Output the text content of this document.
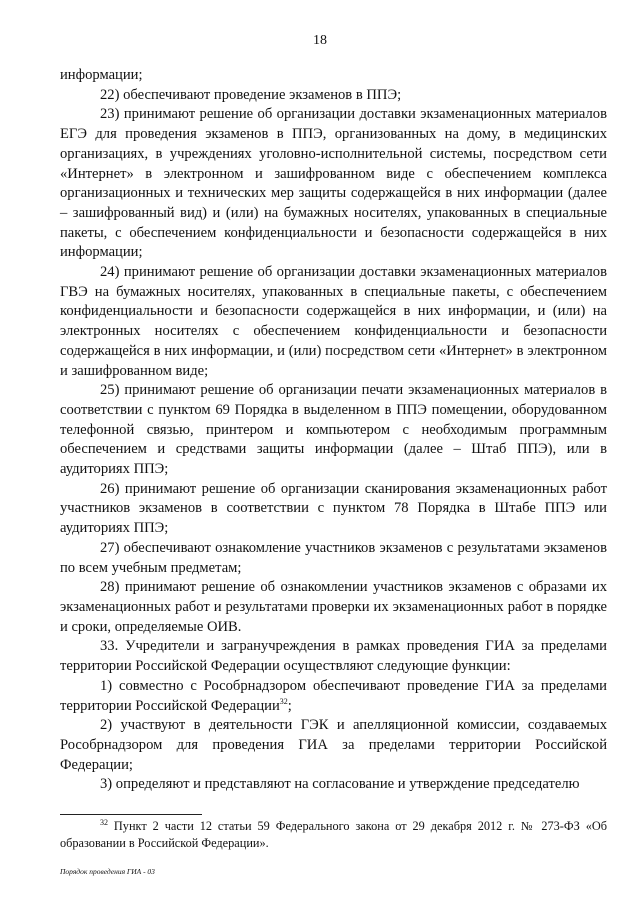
18

информации;

22) обеспечивают проведение экзаменов в ППЭ;

23) принимают решение об организации доставки экзаменационных материалов ЕГЭ для проведения экзаменов в ППЭ, организованных на дому, в медицинских организациях, в учреждениях уголовно-исполнительной системы, посредством сети «Интернет» в электронном и зашифрованном виде с обеспечением комплекса организационных и технических мер защиты содержащейся в них информации (далее – зашифрованный вид) и (или) на бумажных носителях, упакованных в специальные пакеты, с обеспечением конфиденциальности и безопасности содержащейся в них информации;

24) принимают решение об организации доставки экзаменационных материалов ГВЭ на бумажных носителях, упакованных в специальные пакеты, с обеспечением конфиденциальности и безопасности содержащейся в них информации, и (или) на электронных носителях с обеспечением конфиденциальности и безопасности содержащейся в них информации, и (или) посредством сети «Интернет» в электронном и зашифрованном виде;

25) принимают решение об организации печати экзаменационных материалов в соответствии с пунктом 69 Порядка в выделенном в ППЭ помещении, оборудованном телефонной связью, принтером и компьютером с необходимым программным обеспечением и средствами защиты информации (далее – Штаб ППЭ), или в аудиториях ППЭ;

26) принимают решение об организации сканирования экзаменационных работ участников экзаменов в соответствии с пунктом 78 Порядка в Штабе ППЭ или аудиториях ППЭ;

27) обеспечивают ознакомление участников экзаменов с результатами экзаменов по всем учебным предметам;

28) принимают решение об ознакомлении участников экзаменов с образами их экзаменационных работ и результатами проверки их экзаменационных работ в порядке и сроки, определяемые ОИВ.

33. Учредители и загранучреждения в рамках проведения ГИА за пределами территории Российской Федерации осуществляют следующие функции:

1) совместно с Рособрнадзором обеспечивают проведение ГИА за пределами территории Российской Федерации$^{32}$;

2) участвуют в деятельности ГЭК и апелляционной комиссии, создаваемых Рособрнадзором для проведения ГИА за пределами территории Российской Федерации;

3) определяют и представляют на согласование и утверждение председателю

$^{32}$ Пункт 2 части 12 статьи 59 Федерального закона от 29 декабря 2012 г. № 273-ФЗ «Об образовании в Российской Федерации».
Порядок проведения ГИА - 03
